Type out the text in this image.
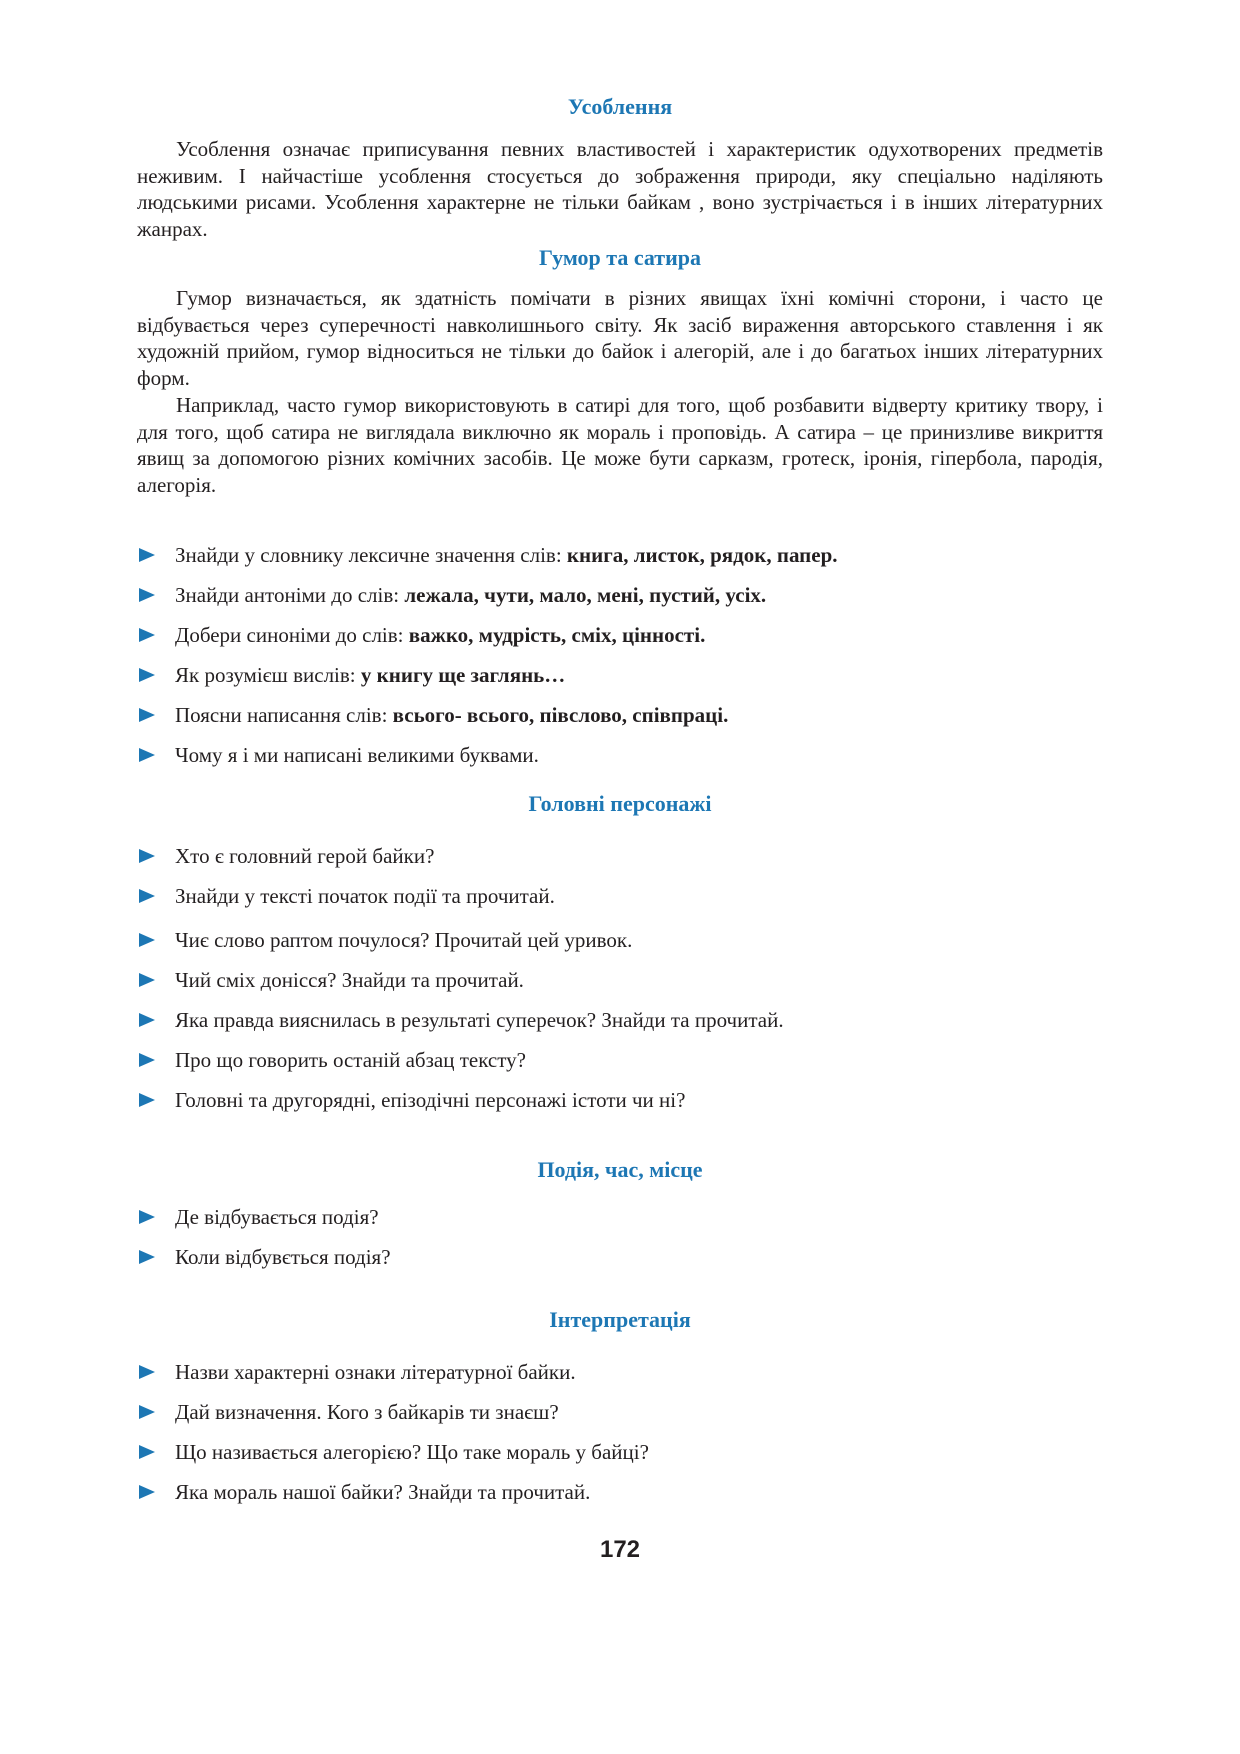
Усоблення

Усоблення означає приписування певних властивостей і характеристик одухотворених предметів неживим. І найчастіше усоблення стосується до зображення природи, яку спеціально наділяють людськими рисами. Усоблення характерне не тільки байкам , воно зустрічається і в інших літературних жанрах.

Гумор та сатира

Гумор визначається, як здатність помічати в різних явищах їхні комічні сторони, і часто це відбувається через суперечності навколишнього світу. Як засіб вираження авторського ставлення і як художній прийом, гумор відноситься не тільки до байок і алегорій, але і до багатьох інших літературних форм.

Наприклад, часто гумор використовують в сатирі для того, щоб розбавити відверту критику твору, і для того, щоб сатира не виглядала виключно як мораль і проповідь. А сатира – це принизливе викриття явищ за допомогою різних комічних засобів. Це може бути сарказм, гротеск, іронія, гіпербола, пародія, алегорія.

Знайди у словнику лексичне значення слів: книга, листок, рядок, папер.
Знайди антоніми до слів: лежала, чути, мало, мені, пустий, усіх.
Добери синоніми до слів: важко, мудрість, сміх, цінності.
Як розумієш вислів: у книгу ще заглянь…
Поясни написання слів: всього- всього, півслово, співпраці.
Чому я і ми написані великими буквами.
Головні персонажі
Хто є головний герой байки?
Знайди у тексті початок події та прочитай.
Чиє слово раптом почулося? Прочитай цей уривок.
Чий сміх донісся? Знайди та прочитай.
Яка правда вияснилась в результаті суперечок? Знайди та прочитай.
Про що говорить останій абзац тексту?
Головні та другорядні, епізодічні персонажі істоти чи ні?
Подія, час, місце
Де відбувається подія?
Коли відбувється подія?
Інтерпретація
Назви характерні ознаки літературної байки.
Дай визначення. Кого з байкарів ти знаєш?
Що називається алегорією? Що таке мораль у байці?
Яка мораль нашої байки? Знайди та прочитай.
172
